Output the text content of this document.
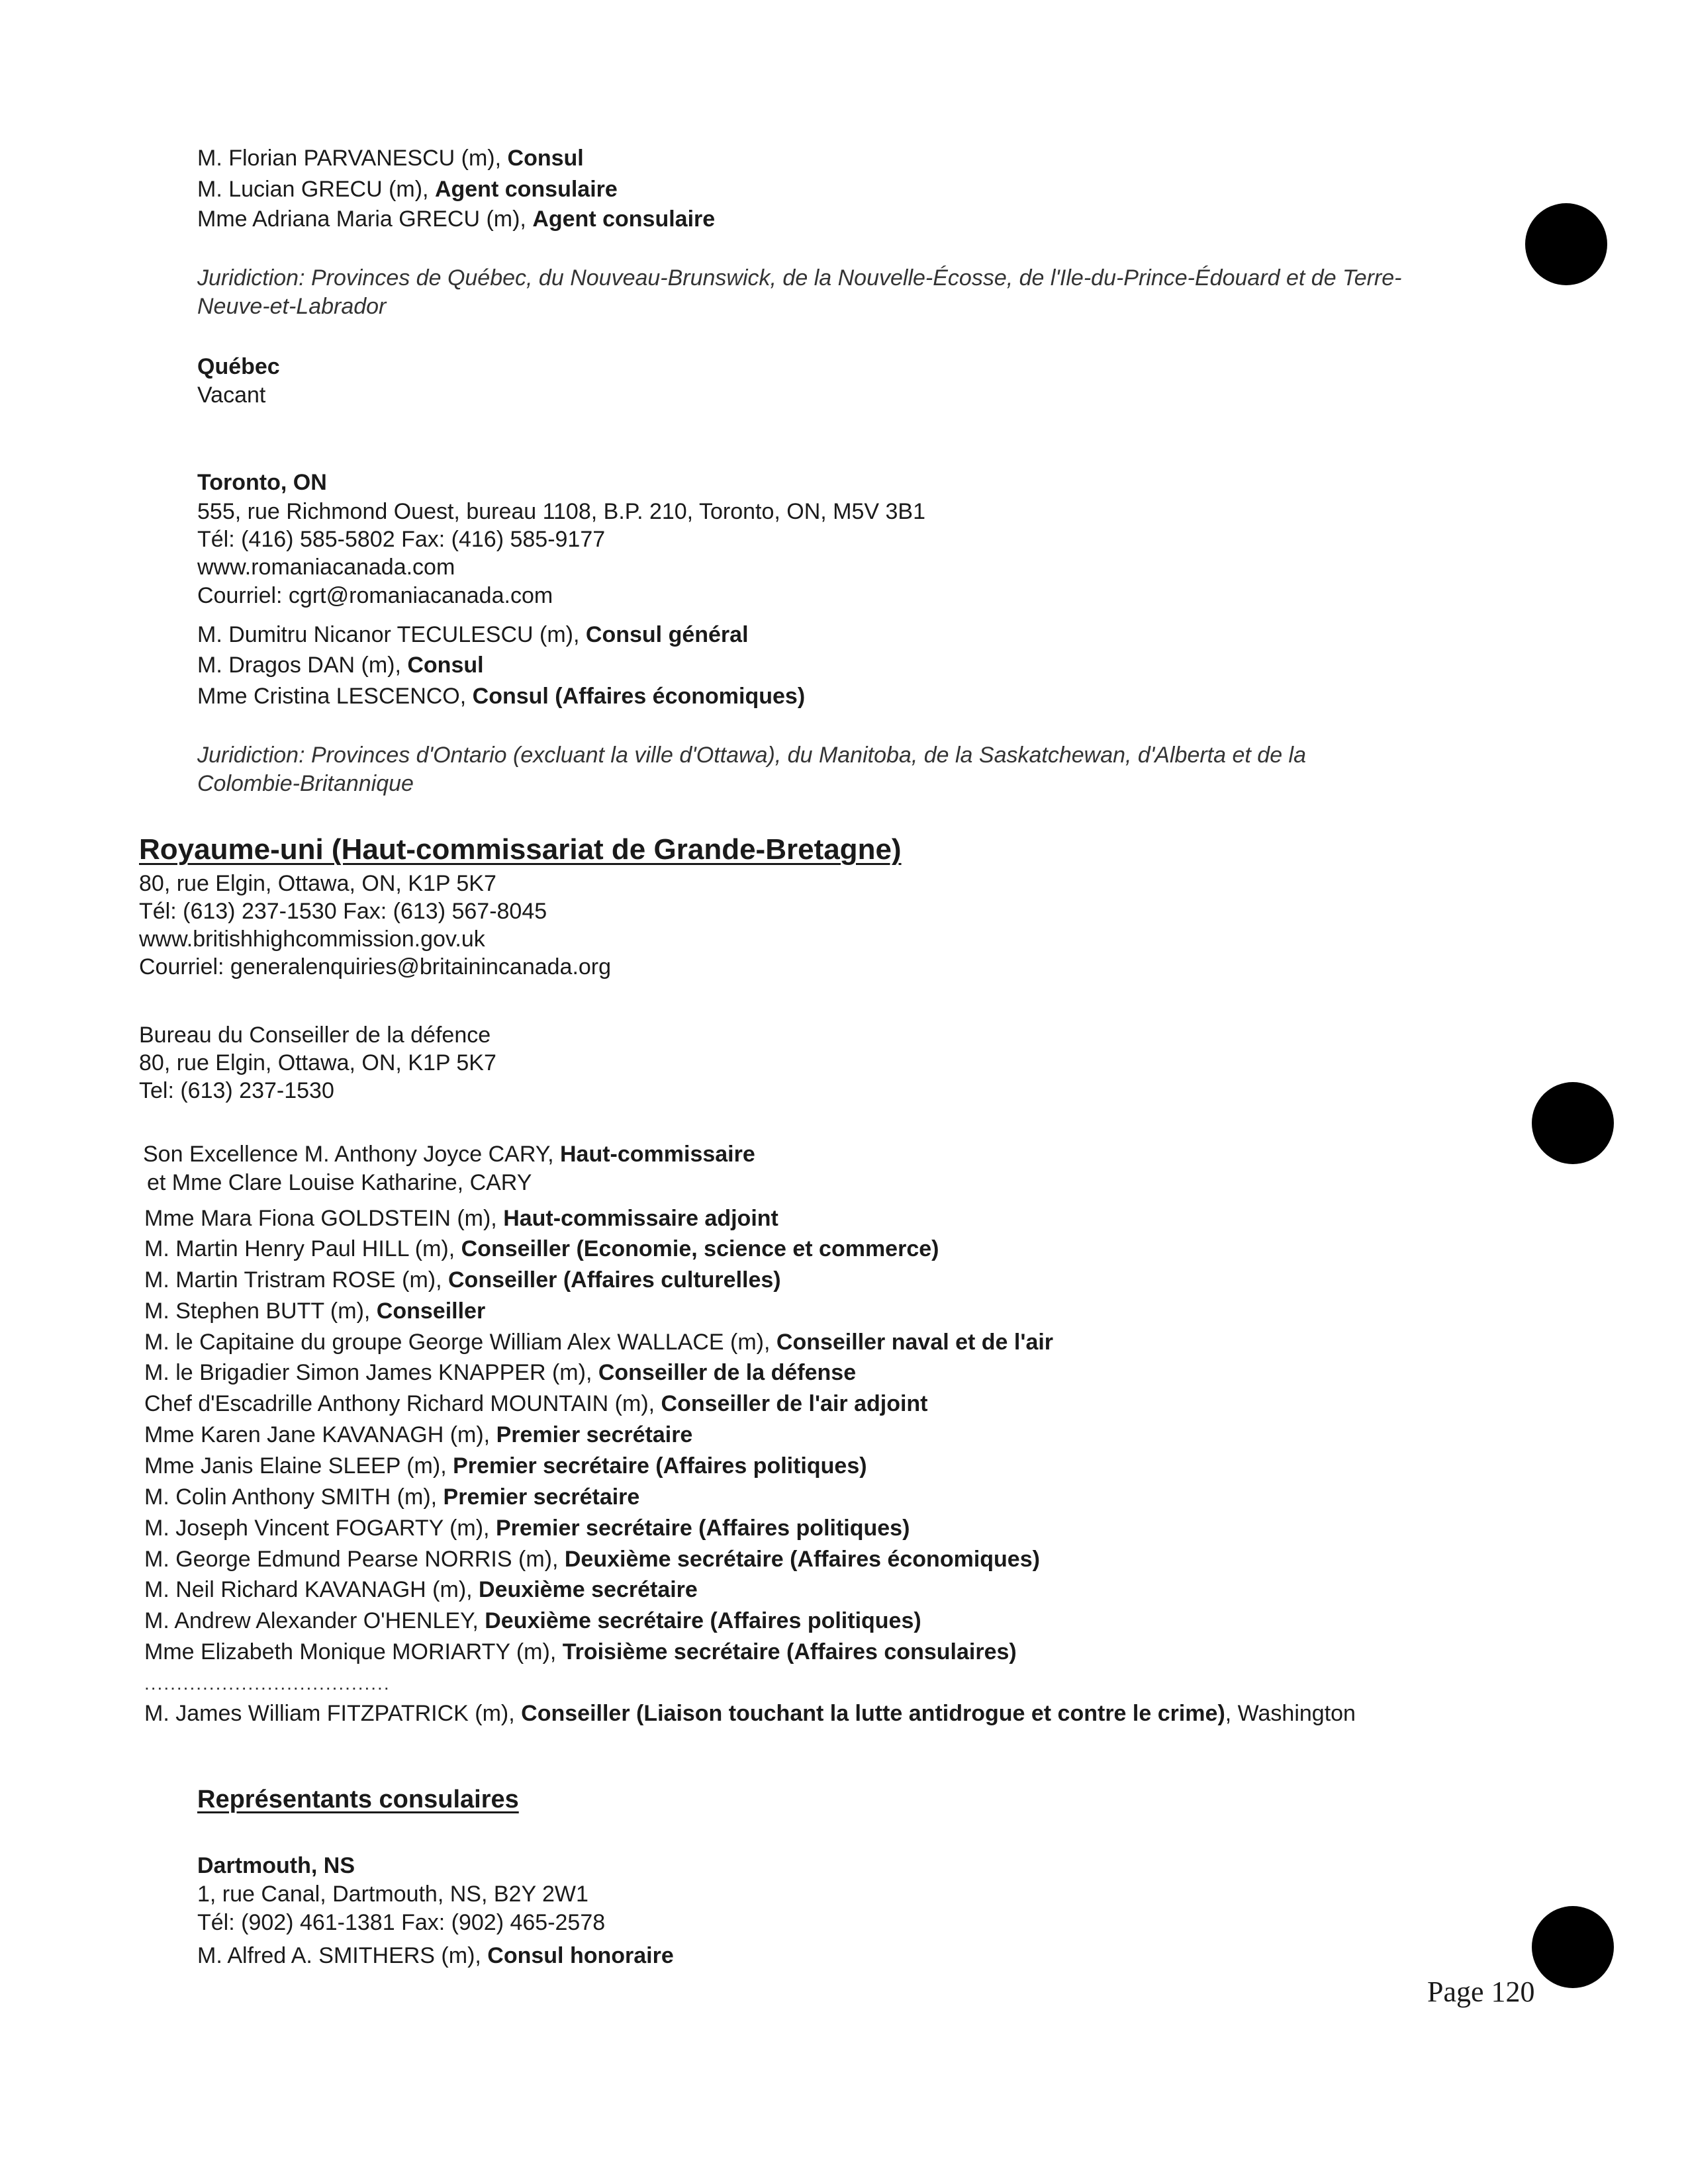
M. Florian PARVANESCU (m), Consul
M. Lucian GRECU (m), Agent consulaire
Mme Adriana Maria GRECU (m), Agent consulaire
Juridiction: Provinces de Québec, du Nouveau-Brunswick, de la Nouvelle-Écosse, de l'Ile-du-Prince-Édouard et de Terre-
Neuve-et-Labrador
Québec
Vacant
Toronto, ON
555, rue Richmond Ouest, bureau 1108, B.P. 210, Toronto, ON, M5V 3B1
Tél: (416) 585-5802 Fax: (416) 585-9177
www.romaniacanada.com
Courriel: cgrt@romaniacanada.com
M. Dumitru Nicanor TECULESCU (m), Consul général
M. Dragos DAN (m), Consul
Mme Cristina LESCENCO, Consul (Affaires économiques)
Juridiction: Provinces d'Ontario (excluant la ville d'Ottawa), du Manitoba, de la Saskatchewan, d'Alberta et de la
Colombie-Britannique
Royaume-uni (Haut-commissariat de Grande-Bretagne)
80, rue Elgin, Ottawa, ON, K1P 5K7
Tél: (613) 237-1530 Fax: (613) 567-8045
www.britishhighcommission.gov.uk
Courriel: generalenquiries@britainincanada.org
Bureau du Conseiller de la défence
80, rue Elgin, Ottawa, ON, K1P 5K7
Tel: (613) 237-1530
Son Excellence M. Anthony Joyce CARY, Haut-commissaire
et Mme Clare Louise Katharine, CARY
Mme Mara Fiona GOLDSTEIN (m), Haut-commissaire adjoint
M. Martin Henry Paul HILL (m), Conseiller (Economie, science et commerce)
M. Martin Tristram ROSE (m), Conseiller (Affaires culturelles)
M. Stephen BUTT (m), Conseiller
M. le Capitaine du groupe George William Alex WALLACE (m), Conseiller naval et de l'air
M. le Brigadier Simon James KNAPPER (m), Conseiller de la défense
Chef d'Escadrille Anthony Richard MOUNTAIN (m), Conseiller de l'air adjoint
Mme Karen Jane KAVANAGH (m), Premier secrétaire
Mme Janis Elaine SLEEP (m), Premier secrétaire (Affaires politiques)
M. Colin Anthony SMITH (m), Premier secrétaire
M. Joseph Vincent FOGARTY (m), Premier secrétaire (Affaires politiques)
M. George Edmund Pearse NORRIS (m), Deuxième secrétaire (Affaires économiques)
M. Neil Richard KAVANAGH (m), Deuxième secrétaire
M. Andrew Alexander O'HENLEY, Deuxième secrétaire (Affaires politiques)
Mme Elizabeth Monique MORIARTY (m), Troisième secrétaire (Affaires consulaires)
......................................
M. James William FITZPATRICK (m), Conseiller (Liaison touchant la lutte antidrogue et contre le crime), Washington
Représentants consulaires
Dartmouth, NS
1, rue Canal, Dartmouth, NS, B2Y 2W1
Tél: (902) 461-1381 Fax: (902) 465-2578
M. Alfred A. SMITHERS (m), Consul honoraire
Page 120
